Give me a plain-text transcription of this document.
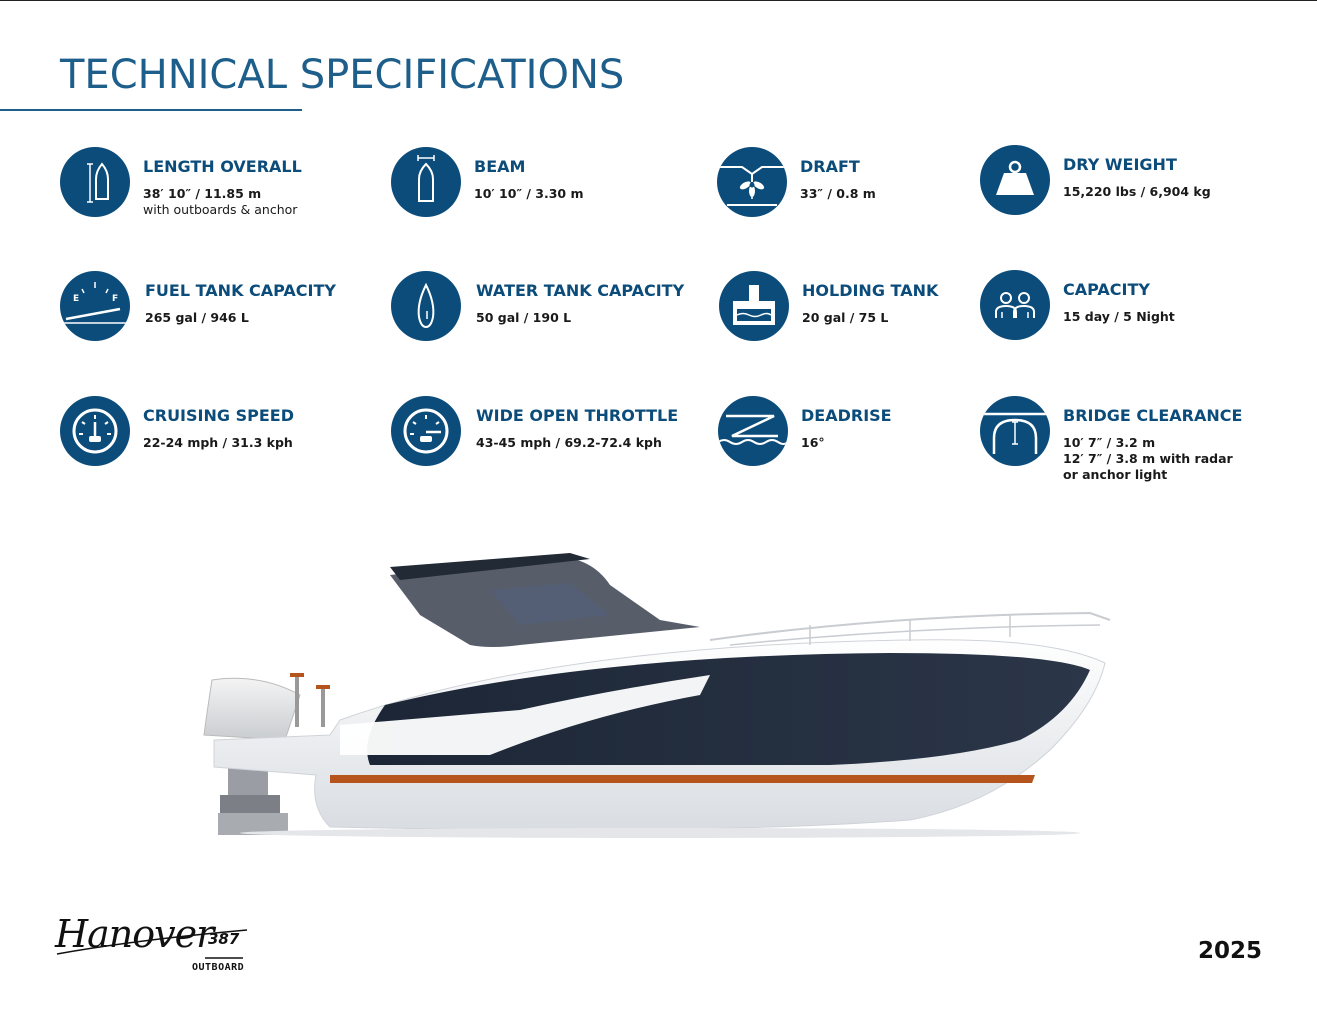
TECHNICAL SPECIFICATIONS
LENGTH OVERALL
38′ 10″ / 11.85 m
with outboards & anchor
BEAM
10′ 10″ / 3.30 m
DRAFT
33″ / 0.8 m
DRY WEIGHT
15,220 lbs / 6,904 kg
E	F FUEL TANK CAPACITY
265 gal / 946 L
WATER TANK CAPACITY
50 gal / 190 L
HOLDING TANK
20 gal / 75 L
CAPACITY
15 day / 5 Night
CRUISING SPEED
22-24 mph / 31.3 kph
WIDE OPEN THROTTLE
43-45 mph / 69.2-72.4 kph
DEADRISE
16°
BRIDGE CLEARANCE
10′ 7″ / 3.2 m
12′ 7″ / 3.8 m with radar
or anchor light
Hanover
387
OUTBOARD
2025
